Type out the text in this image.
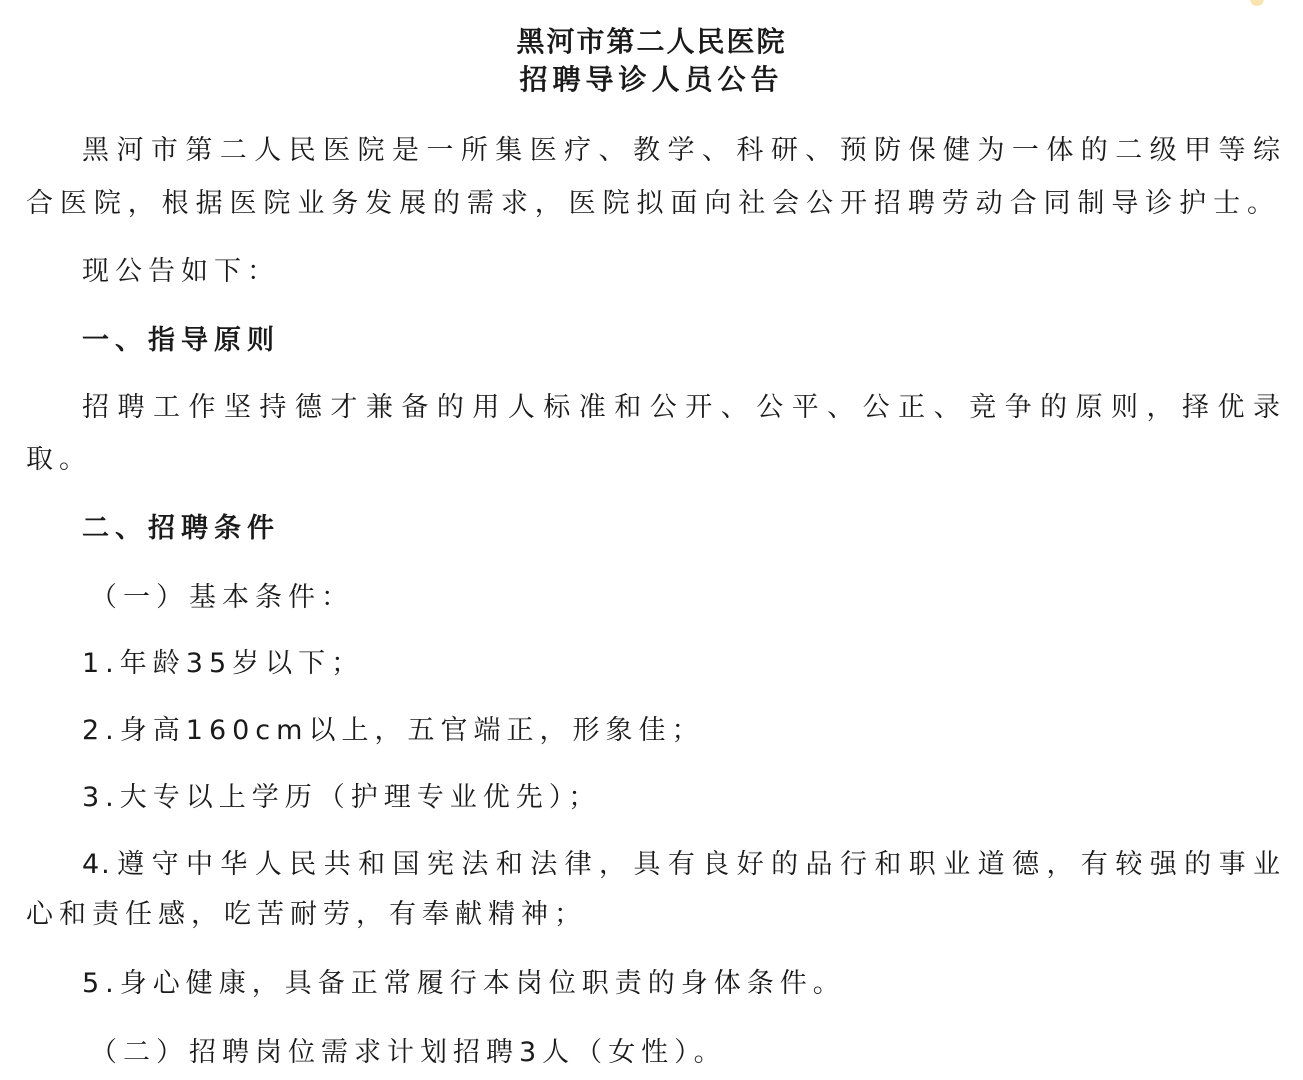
黑河市第二人民医院
招聘导诊人员公告
黑河市第二人民医院是一所集医疗、教学、科研、预防保健为一体的二级甲等综
合医院，根据医院业务发展的需求，医院拟面向社会公开招聘劳动合同制导诊护士。
现公告如下：
一、指导原则
招聘工作坚持德才兼备的用人标准和公开、公平、公正、竞争的原则，择优录
取。
二、招聘条件
（一）基本条件：
1.年龄35岁以下；
2.身高160cm以上，五官端正，形象佳；
3.大专以上学历（护理专业优先）；
4.遵守中华人民共和国宪法和法律，具有良好的品行和职业道德，有较强的事业
心和责任感，吃苦耐劳，有奉献精神；
5.身心健康，具备正常履行本岗位职责的身体条件。
（二）招聘岗位需求计划招聘3人（女性）。
